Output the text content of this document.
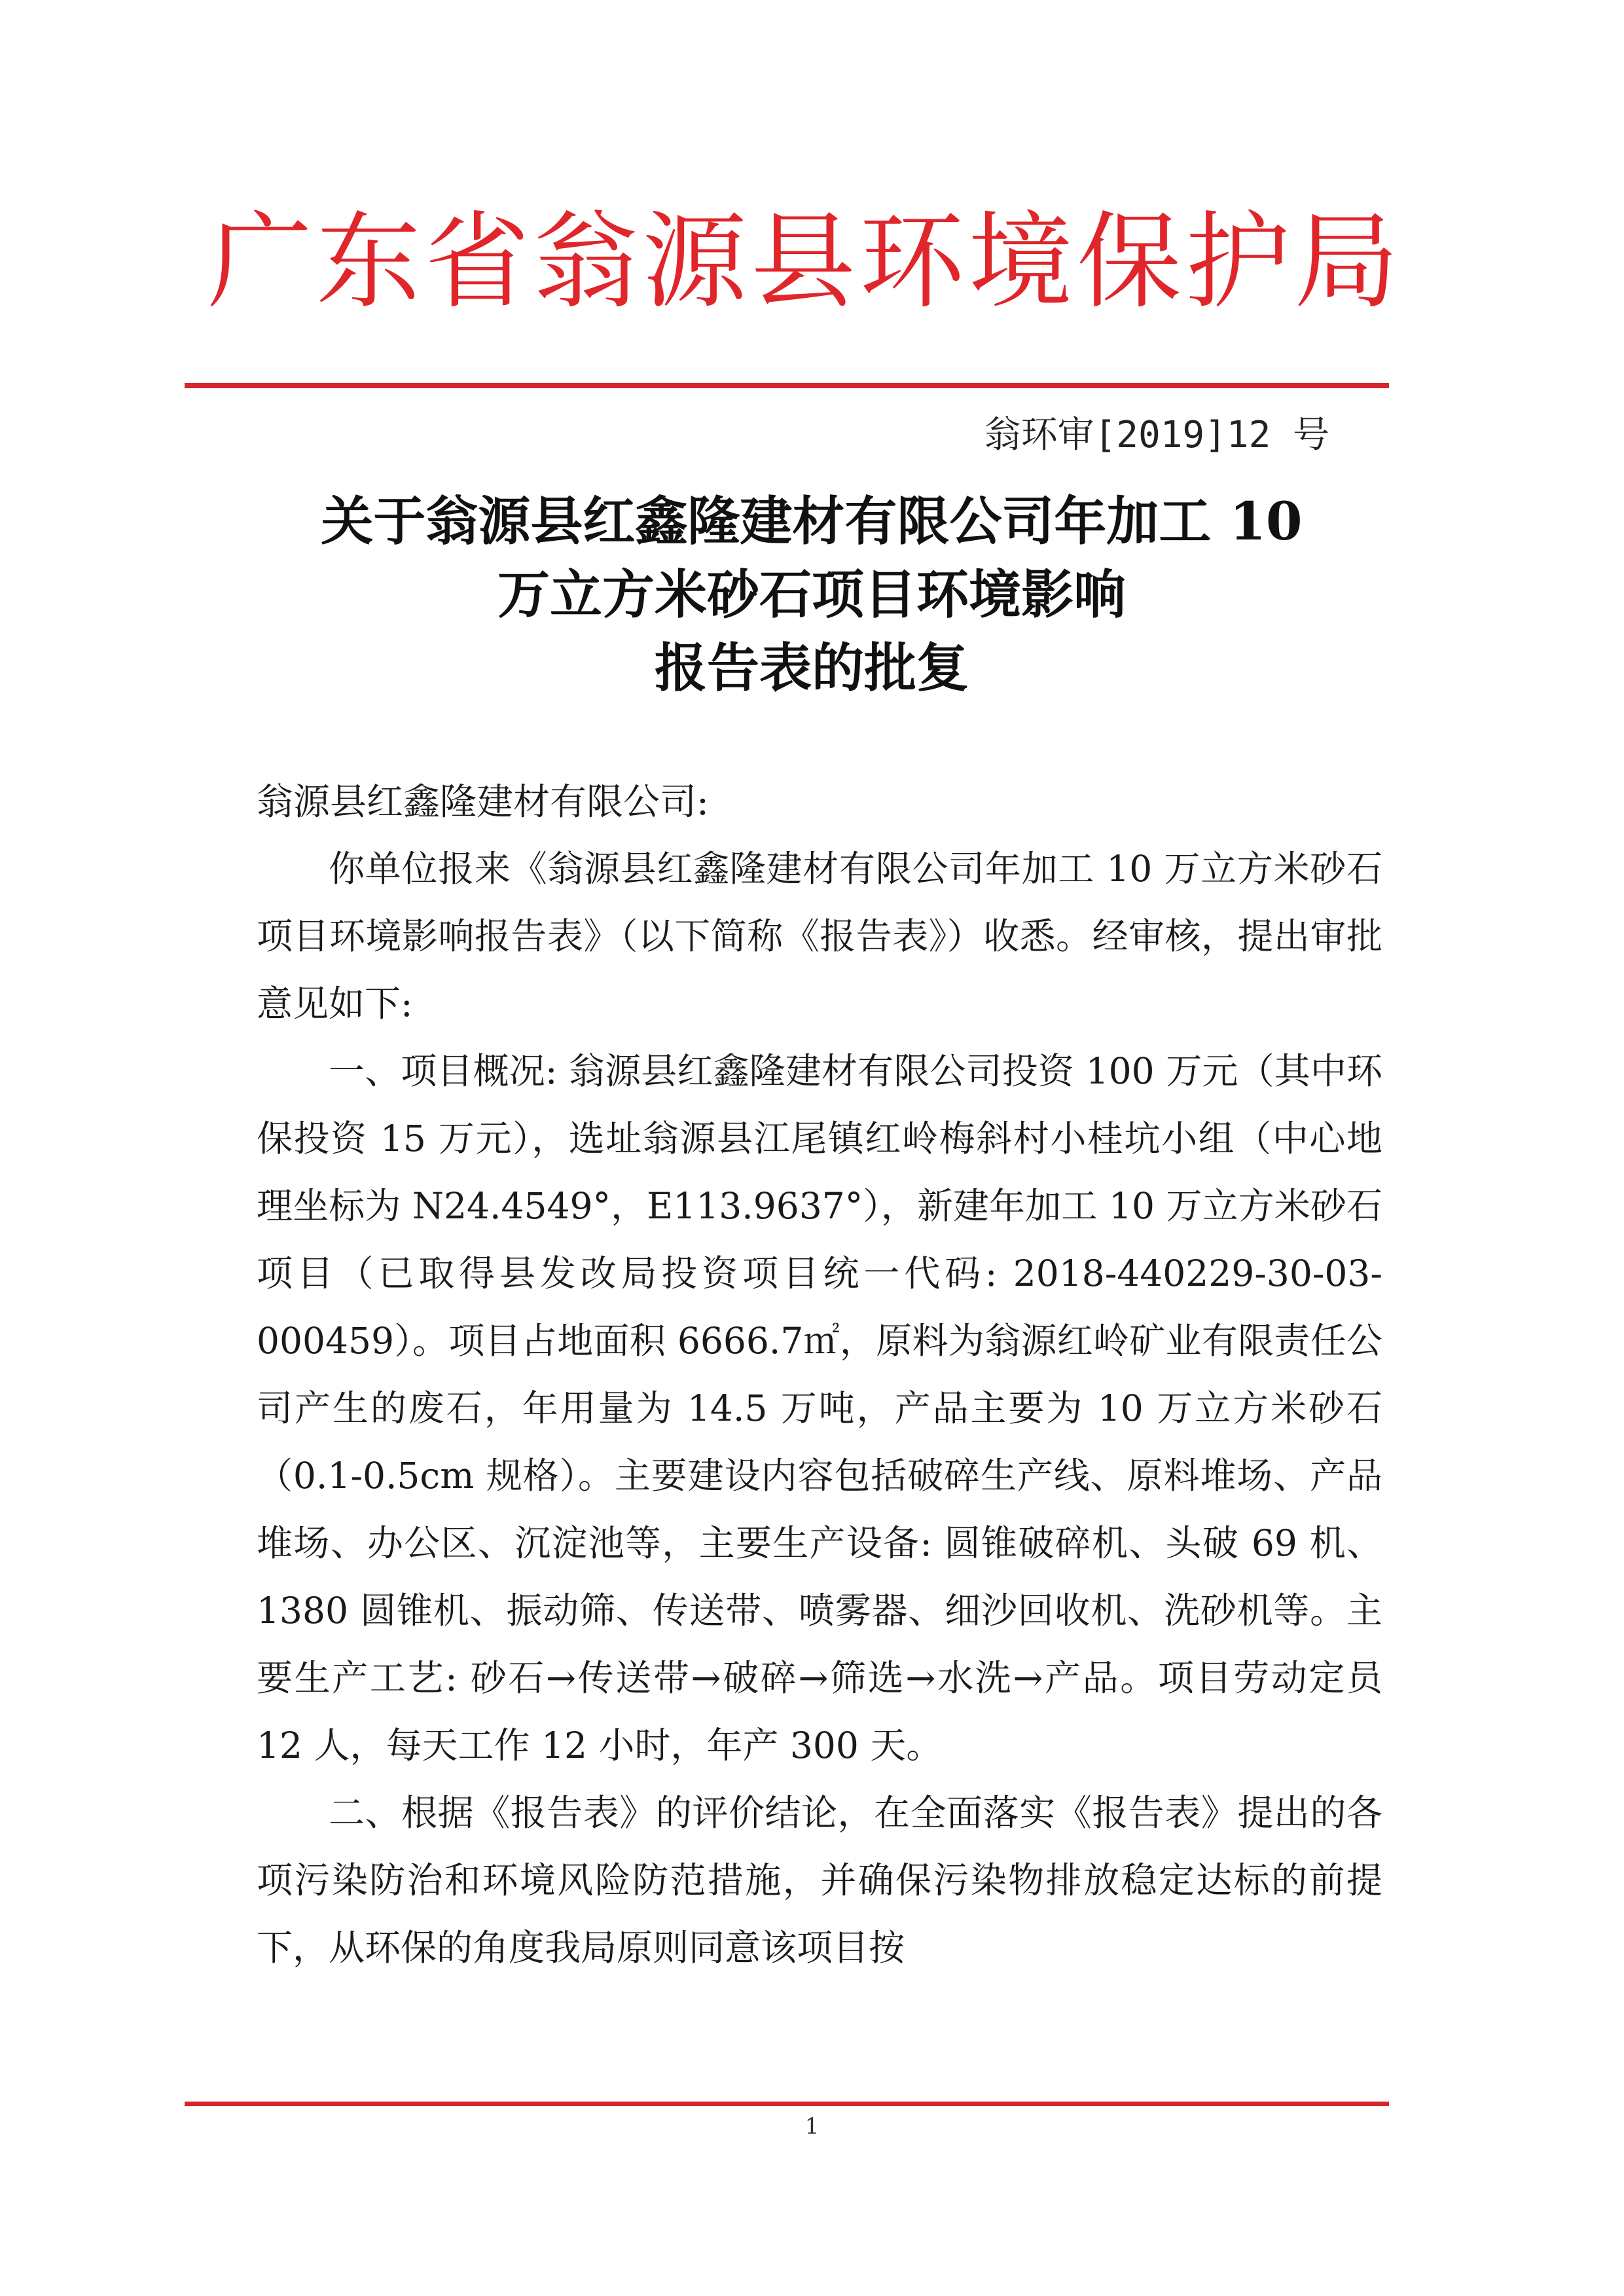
广东省翁源县环境保护局
翁环审[2019]12 号
关于翁源县红鑫隆建材有限公司年加工 10
万立方米砂石项目环境影响
报告表的批复
翁源县红鑫隆建材有限公司:

你单位报来《翁源县红鑫隆建材有限公司年加工 10 万立方米砂石项目环境影响报告表》（以下简称《报告表》）收悉。经审核，提出审批意见如下:

一、项目概况: 翁源县红鑫隆建材有限公司投资 100 万元（其中环保投资 15 万元），选址翁源县江尾镇红岭梅斜村小桂坑小组（中心地理坐标为 N24.4549°，E113.9637°），新建年加工 10 万立方米砂石项目（已取得县发改局投资项目统一代码: 2018-440229-30-03-000459）。项目占地面积 6666.7㎡，原料为翁源红岭矿业有限责任公司产生的废石，年用量为 14.5 万吨，产品主要为 10 万立方米砂石（0.1-0.5cm 规格）。主要建设内容包括破碎生产线、原料堆场、产品堆场、办公区、沉淀池等，主要生产设备: 圆锥破碎机、头破 69 机、1380 圆锥机、振动筛、传送带、喷雾器、细沙回收机、洗砂机等。主要生产工艺: 砂石→传送带→破碎→筛选→水洗→产品。项目劳动定员 12 人，每天工作 12 小时，年产 300 天。

二、根据《报告表》的评价结论，在全面落实《报告表》提出的各项污染防治和环境风险防范措施，并确保污染物排放稳定达标的前提下，从环保的角度我局原则同意该项目按

1
